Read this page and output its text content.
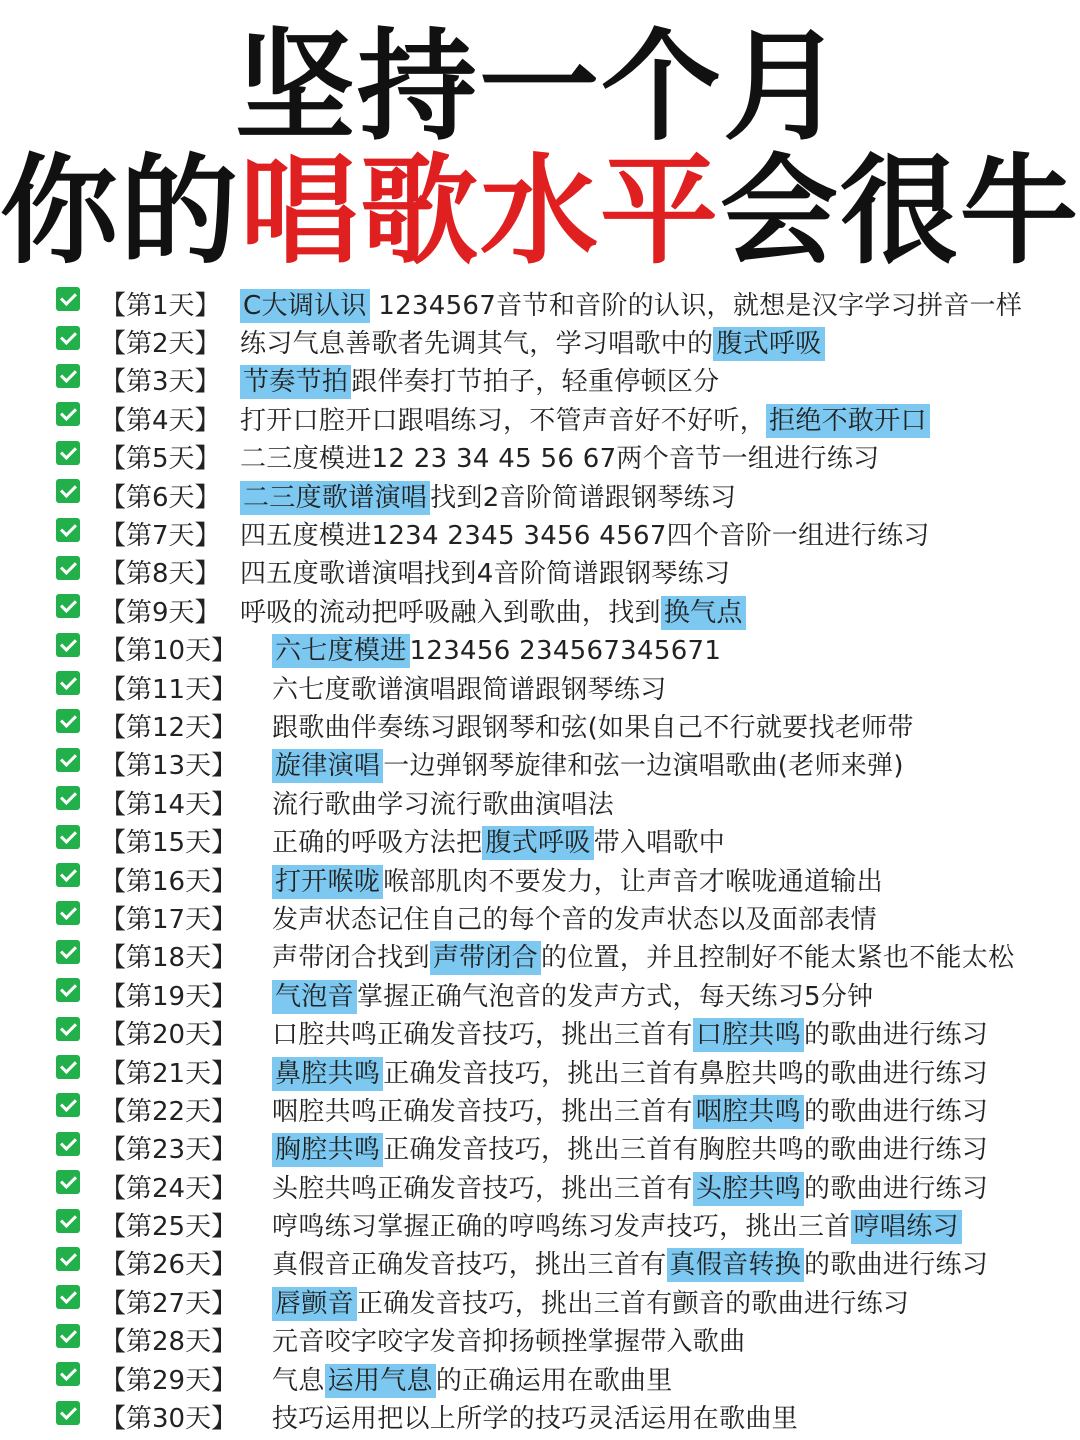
坚持一个月
你的唱歌水平会很牛
【第1天】 C大调认识 1234567音节和音阶的认识，就想是汉字学习拼音一样
【第2天】 练习气息善歌者先调其气，学习唱歌中的 腹式呼吸
【第3天】 节奏节拍 跟伴奏打节拍子，轻重停顿区分
【第4天】 打开口腔开口跟唱练习，不管声音好不好听， 拒绝不敢开口
【第5天】 二三度模进12 23 34 45 56 67两个音节一组进行练习
【第6天】 二三度歌谱演唱 找到2音阶简谱跟钢琴练习
【第7天】 四五度模进1234 2345 3456 4567四个音阶一组进行练习
【第8天】 四五度歌谱演唱找到4音阶简谱跟钢琴练习
【第9天】 呼吸的流动把呼吸融入到歌曲，找到 换气点
【第10天】 六七度模进 123456 234567345671
【第11天】 六七度歌谱演唱跟简谱跟钢琴练习
【第12天】 跟歌曲伴奏练习跟钢琴和弦(如果自己不行就要找老师带
【第13天】 旋律演唱 一边弹钢琴旋律和弦一边演唱歌曲(老师来弹)
【第14天】 流行歌曲学习流行歌曲演唱法
【第15天】 正确的呼吸方法把 腹式呼吸 带入唱歌中
【第16天】 打开喉咙 喉部肌肉不要发力，让声音才喉咙通道输出
【第17天】 发声状态记住自己的每个音的发声状态以及面部表情
【第18天】 声带闭合找到 声带闭合 的位置，并且控制好不能太紧也不能太松
【第19天】 气泡音 掌握正确气泡音的发声方式，每天练习5分钟
【第20天】 口腔共鸣正确发音技巧，挑出三首有 口腔共鸣 的歌曲进行练习
【第21天】 鼻腔共鸣 正确发音技巧，挑出三首有鼻腔共鸣的歌曲进行练习
【第22天】 咽腔共鸣正确发音技巧，挑出三首有 咽腔共鸣 的歌曲进行练习
【第23天】 胸腔共鸣 正确发音技巧，挑出三首有胸腔共鸣的歌曲进行练习
【第24天】 头腔共鸣正确发音技巧，挑出三首有 头腔共鸣 的歌曲进行练习
【第25天】 哼鸣练习掌握正确的哼鸣练习发声技巧，挑出三首 哼唱练习
【第26天】 真假音正确发音技巧，挑出三首有 真假音转换 的歌曲进行练习
【第27天】 唇颤音 正确发音技巧，挑出三首有颤音的歌曲进行练习
【第28天】 元音咬字咬字发音抑扬顿挫掌握带入歌曲
【第29天】 气息 运用气息 的正确运用在歌曲里
【第30天】 技巧运用把以上所学的技巧灵活运用在歌曲里
